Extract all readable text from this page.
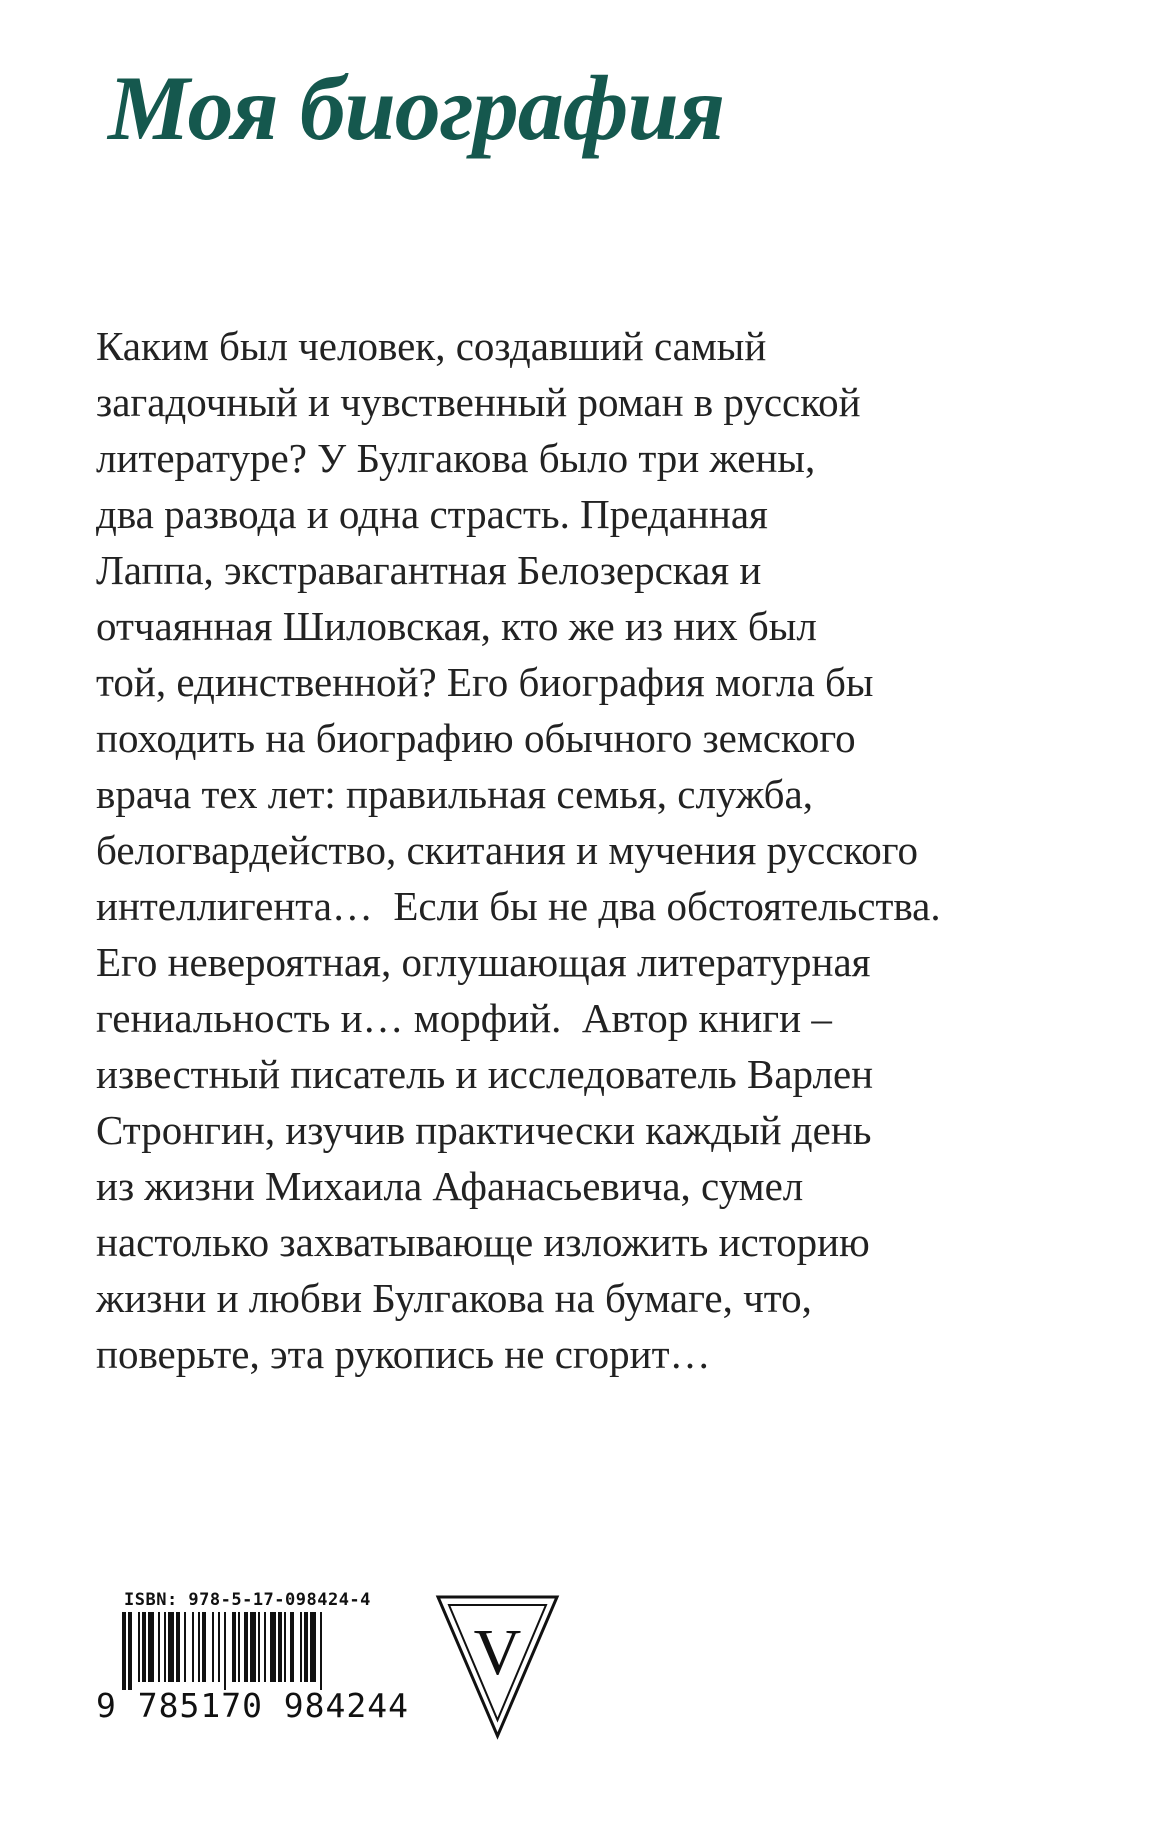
Моя биография
Каким был человек, создавший самый
загадочный и чувственный роман в русской
литературе? У Булгакова было три жены,
два развода и одна страсть. Преданная
Лаппа, экстравагантная Белозерская и
отчаянная Шиловская, кто же из них был
той, единственной? Его биография могла бы
походить на биографию обычного земского
врача тех лет: правильная семья, служба,
белогвардейство, скитания и мучения русского
интеллигента…  Если бы не два обстоятельства.
Его невероятная, оглушающая литературная
гениальность и… морфий.  Автор книги –
известный писатель и исследователь Варлен
Стронгин, изучив практически каждый день
из жизни Михаила Афанасьевича, сумел
настолько захватывающе изложить историю
жизни и любви Булгакова на бумаге, что,
поверьте, эта рукопись не сгорит…
ISBN: 978-5-17-098424-4
9 785170 984244
V
